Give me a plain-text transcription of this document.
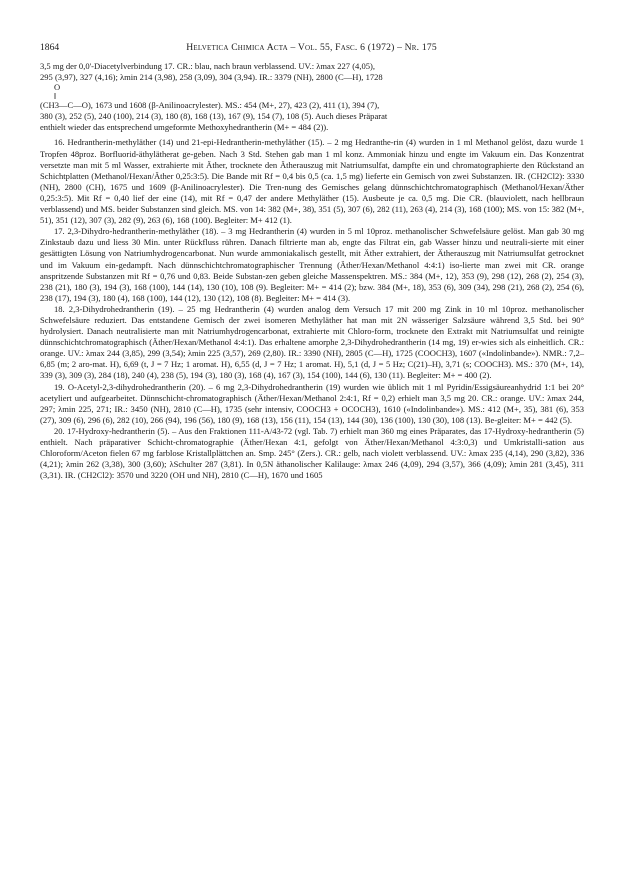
1864	Helvetica Chimica Acta – Vol. 55, Fasc. 6 (1972) – Nr. 175

3,5 mg der 0,0'-Diacetylverbindung 17. CR.: blau, nach braun verblassend. UV.: λmax 227 (4,05),

295 (3,97), 327 (4,16); λmin 214 (3,98), 258 (3,09), 304 (3,94). IR.: 3379 (NH), 2800 (C—H), 1728

O

‖

(CH3—C—O), 1673 und 1608 (β-Anilinoacrylester). MS.: 454 (M+, 27), 423 (2), 411 (1), 394 (7),

380 (3), 252 (5), 240 (100), 214 (3), 180 (8), 168 (13), 167 (9), 154 (7), 108 (5). Auch dieses Präparat

enthielt wieder das entsprechend umgeformte Methoxyhedrantherin (M+ = 484 (2)).

16. Hedrantherin-methyläther (14) und 21-epi-Hedrantherin-methyläther (15). – 2 mg Hedranthe-rin (4) wurden in 1 ml Methanol gelöst, dazu wurde 1 Tropfen 48proz. Borfluorid-äthylätherat ge-geben. Nach 3 Std. Stehen gab man 1 ml konz. Ammoniak hinzu und engte im Vakuum ein. Das Konzentrat versetzte man mit 5 ml Wasser, extrahierte mit Äther, trocknete den Ätherauszug mit Natriumsulfat, dampfte ein und chromatographierte den Rückstand an Schichtplatten (Methanol/Hexan/Äther 0,25:3:5). Die Bande mit Rf = 0,4 bis 0,5 (ca. 1,5 mg) lieferte ein Gemisch von zwei Substanzen. IR. (CH2Cl2): 3330 (NH), 2800 (CH), 1675 und 1609 (β-Anilinoacrylester). Die Tren-nung des Gemisches gelang dünnschichtchromatographisch (Methanol/Hexan/Äther 0,25:3:5). Mit Rf = 0,40 lief der eine (14), mit Rf = 0,47 der andere Methyläther (15). Ausbeute je ca. 0,5 mg. Die CR. (blauviolett, nach hellbraun verblassend) und MS. beider Substanzen sind gleich. MS. von 14: 382 (M+, 38), 351 (5), 307 (6), 282 (11), 263 (4), 214 (3), 168 (100); MS. von 15: 382 (M+, 51), 351 (12), 307 (3), 282 (9), 263 (6), 168 (100). Begleiter: M+ 412 (1).

17. 2,3-Dihydro-hedrantherin-methyläther (18). – 3 mg Hedrantherin (4) wurden in 5 ml 10proz. methanolischer Schwefelsäure gelöst. Man gab 30 mg Zinkstaub dazu und liess 30 Min. unter Rückfluss rühren. Danach filtrierte man ab, engte das Filtrat ein, gab Wasser hinzu und neutrali-sierte mit einer gesättigten Lösung von Natriumhydrogencarbonat. Nun wurde ammoniakalisch gestellt, mit Äther extrahiert, der Ätherauszug mit Natriumsulfat getrocknet und im Vakuum ein-gedampft. Nach dünnschichtchromatographischer Trennung (Äther/Hexan/Methanol 4:4:1) iso-lierte man zwei mit CR. orange anspritzende Substanzen mit Rf = 0,76 und 0,83. Beide Substan-zen geben gleiche Massenspektren. MS.: 384 (M+, 12), 353 (9), 298 (12), 268 (2), 254 (3), 238 (21), 180 (3), 194 (3), 168 (100), 144 (14), 130 (10), 108 (9). Begleiter: M+ = 414 (2); bzw. 384 (M+, 18), 353 (6), 309 (34), 298 (21), 268 (2), 254 (6), 238 (17), 194 (3), 180 (4), 168 (100), 144 (12), 130 (12), 108 (8). Begleiter: M+ = 414 (3).

18. 2,3-Dihydrohedrantherin (19). – 25 mg Hedrantherin (4) wurden analog dem Versuch 17 mit 200 mg Zink in 10 ml 10proz. methanolischer Schwefelsäure reduziert. Das entstandene Gemisch der zwei isomeren Methyläther hat man mit 2N wässeriger Salzsäure während 3,5 Std. bei 90° hydrolysiert. Danach neutralisierte man mit Natriumhydrogencarbonat, extrahierte mit Chloro-form, trocknete den Extrakt mit Natriumsulfat und reinigte dünnschichtchromatographisch (Äther/Hexan/Methanol 4:4:1). Das erhaltene amorphe 2,3-Dihydrohedrantherin (14 mg, 19) er-wies sich als einheitlich. CR.: orange. UV.: λmax 244 (3,85), 299 (3,54); λmin 225 (3,57), 269 (2,80). IR.: 3390 (NH), 2805 (C—H), 1725 (COOCH3), 1607 («Indolinbande»). NMR.: 7,2–6,85 (m; 2 aro-mat. H), 6,69 (t, J = 7 Hz; 1 aromat. H), 6,55 (d, J = 7 Hz; 1 aromat. H), 5,1 (d, J = 5 Hz; C(21)–H), 3,71 (s; COOCH3). MS.: 370 (M+, 14), 339 (3), 309 (3), 284 (18), 240 (4), 238 (5), 194 (3), 180 (3), 168 (4), 167 (3), 154 (100), 144 (6), 130 (11). Begleiter: M+ = 400 (2).

19. O-Acetyl-2,3-dihydrohedrantherin (20). – 6 mg 2,3-Dihydrohedrantherin (19) wurden wie üblich mit 1 ml Pyridin/Essigsäureanhydrid 1:1 bei 20° acetyliert und aufgearbeitet. Dünnschicht-chromatographisch (Äther/Hexan/Methanol 2:4:1, Rf = 0,2) erhielt man 3,5 mg 20. CR.: orange. UV.: λmax 244, 297; λmin 225, 271; IR.: 3450 (NH), 2810 (C—H), 1735 (sehr intensiv, COOCH3 + OCOCH3), 1610 («Indolinbande»). MS.: 412 (M+, 35), 381 (6), 353 (27), 309 (6), 296 (6), 282 (10), 266 (94), 196 (56), 180 (9), 168 (13), 156 (11), 154 (13), 144 (30), 136 (100), 130 (30), 108 (13). Be-gleiter: M+ = 442 (5).

20. 17-Hydroxy-hedrantherin (5). – Aus den Fraktionen 111-A/43-72 (vgl. Tab. 7) erhielt man 360 mg eines Präparates, das 17-Hydroxy-hedrantherin (5) enthielt. Nach präparativer Schicht-chromatographie (Äther/Hexan 4:1, gefolgt von Äther/Hexan/Methanol 4:3:0,3) und Umkristalli-sation aus Chloroform/Aceton fielen 67 mg farblose Kristallplättchen an. Smp. 245° (Zers.). CR.: gelb, nach violett verblassend. UV.: λmax 235 (4,14), 290 (3,82), 336 (4,21); λmin 262 (3,38), 300 (3,60); λSchulter 287 (3,81). In 0,5N äthanolischer Kalilauge: λmax 246 (4,09), 294 (3,57), 366 (4,09); λmin 281 (3,45), 311 (3,31). IR. (CH2Cl2): 3570 und 3220 (OH und NH), 2810 (C—H), 1670 und 1605
